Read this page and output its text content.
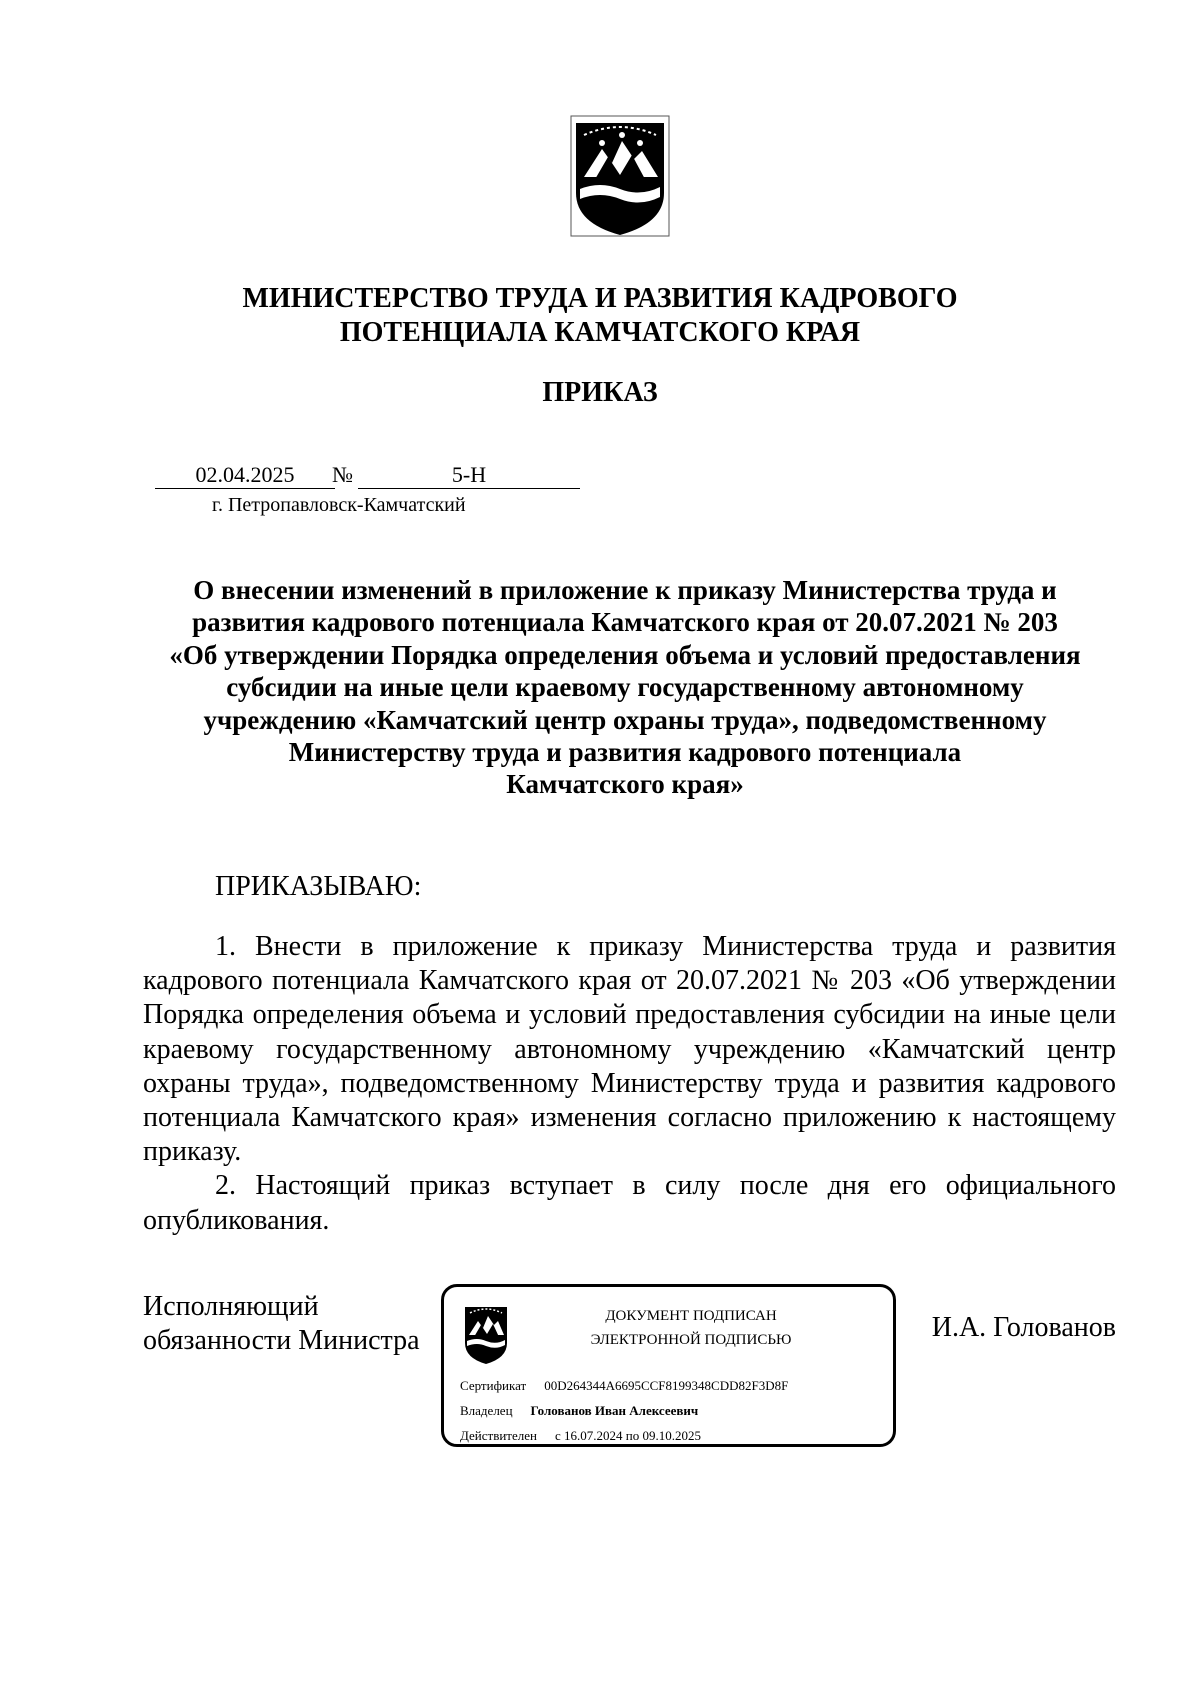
МИНИСТЕРСТВО ТРУДА И РАЗВИТИЯ КАДРОВОГО
ПОТЕНЦИАЛА КАМЧАТСКОГО КРАЯ
ПРИКАЗ
02.04.2025	№	5-Н
г. Петропавловск-Камчатский
О внесении изменений в приложение к приказу Министерства труда и
развития кадрового потенциала Камчатского края от 20.07.2021 № 203
«Об утверждении Порядка определения объема и условий предоставления
субсидии на иные цели краевому государственному автономному
учреждению «Камчатский центр охраны труда», подведомственному
Министерству труда и развития кадрового потенциала
Камчатского края»
ПРИКАЗЫВАЮ:

1. Внести в приложение к приказу Министерства труда и развития кадрового потенциала Камчатского края от 20.07.2021 № 203 «Об утверждении Порядка определения объема и условий предоставления субсидии на иные цели краевому государственному автономному учреждению «Камчатский центр охраны труда», подведомственному Министерству труда и развития кадрового потенциала Камчатского края» изменения согласно приложению к настоящему приказу.

2. Настоящий приказ вступает в силу после дня его официального опубликования.

Исполняющий
обязанности Министра
ДОКУМЕНТ ПОДПИСАН
ЭЛЕКТРОННОЙ ПОДПИСЬЮ
Сертификат 00D264344A6695CCF8199348CDD82F3D8F
Владелец Голованов Иван Алексеевич
Действителен с 16.07.2024 по 09.10.2025
И.А. Голованов
